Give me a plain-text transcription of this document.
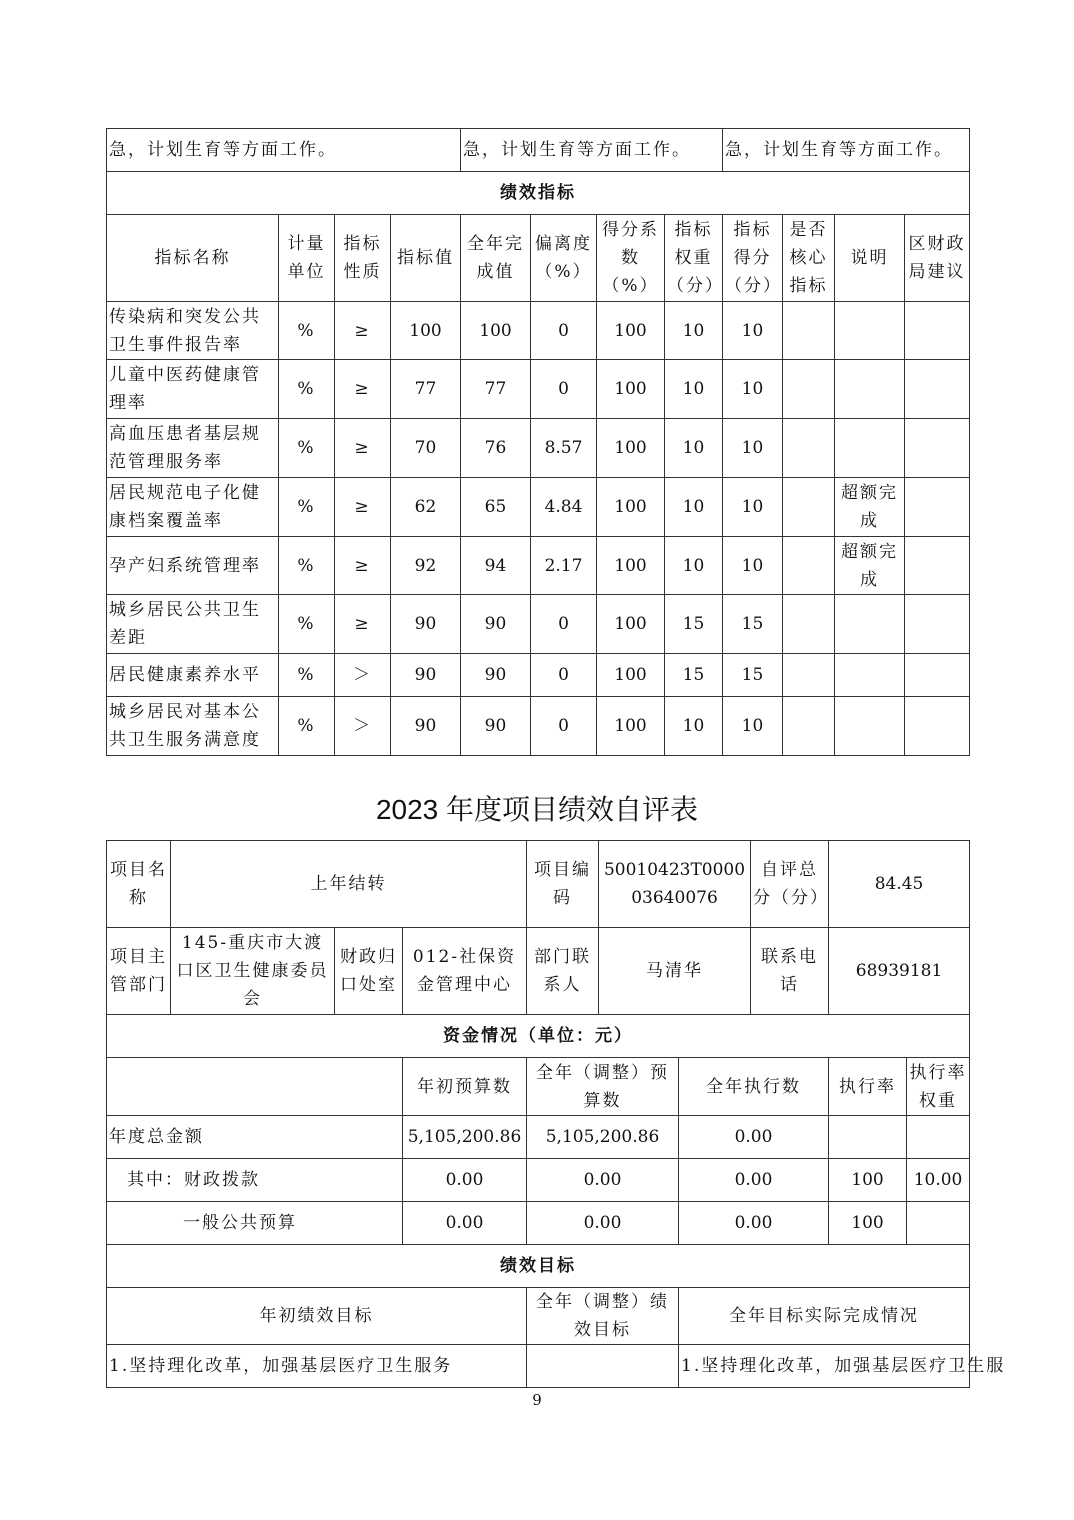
急，计划生育等方面工作。				急，计划生育等方面工作。				急，计划生育等方面工作。			
绩效指标											
指标名称	计量单位	指标性质	指标值	全年完成值	偏离度（%）	得分系数（%）	指标权重（分）	指标得分（分）	是否核心指标	说明	区财政局建议
传染病和突发公共卫生事件报告率	%	≥	100	100	0	100	10	10			
儿童中医药健康管理率	%	≥	77	77	0	100	10	10			
高血压患者基层规范管理服务率	%	≥	70	76	8.57	100	10	10			
居民规范电子化健康档案覆盖率	%	≥	62	65	4.84	100	10	10		超额完成	
孕产妇系统管理率	%	≥	92	94	2.17	100	10	10		超额完成	
城乡居民公共卫生差距	%	≥	90	90	0	100	15	15			
居民健康素养水平	%	＞	90	90	0	100	15	15			
城乡居民对基本公共卫生服务满意度	%	＞	90	90	0	100	10	10			
2023 年度项目绩效自评表
项目名称	上年结转			项目编码	50010423T000003640076		自评总分（分）	84.45	
项目主管部门	145-重庆市大渡口区卫生健康委员会	财政归口处室	012-社保资金管理中心	部门联系人	马清华		联系电话	68939181	
资金情况（单位：元）									
			年初预算数	全年（调整）预算数		全年执行数		执行率	执行率权重
年度总金额			5,105,200.86	5,105,200.86		0.00			
其中：财政拨款			0.00	0.00		0.00		100	10.00
一般公共预算			0.00	0.00		0.00		100	
绩效目标									
年初绩效目标				全年（调整）绩效目标		全年目标实际完成情况			
1.坚持理化改革，加强基层医疗卫生服务						1.坚持理化改革，加强基层医疗卫生服			
9
